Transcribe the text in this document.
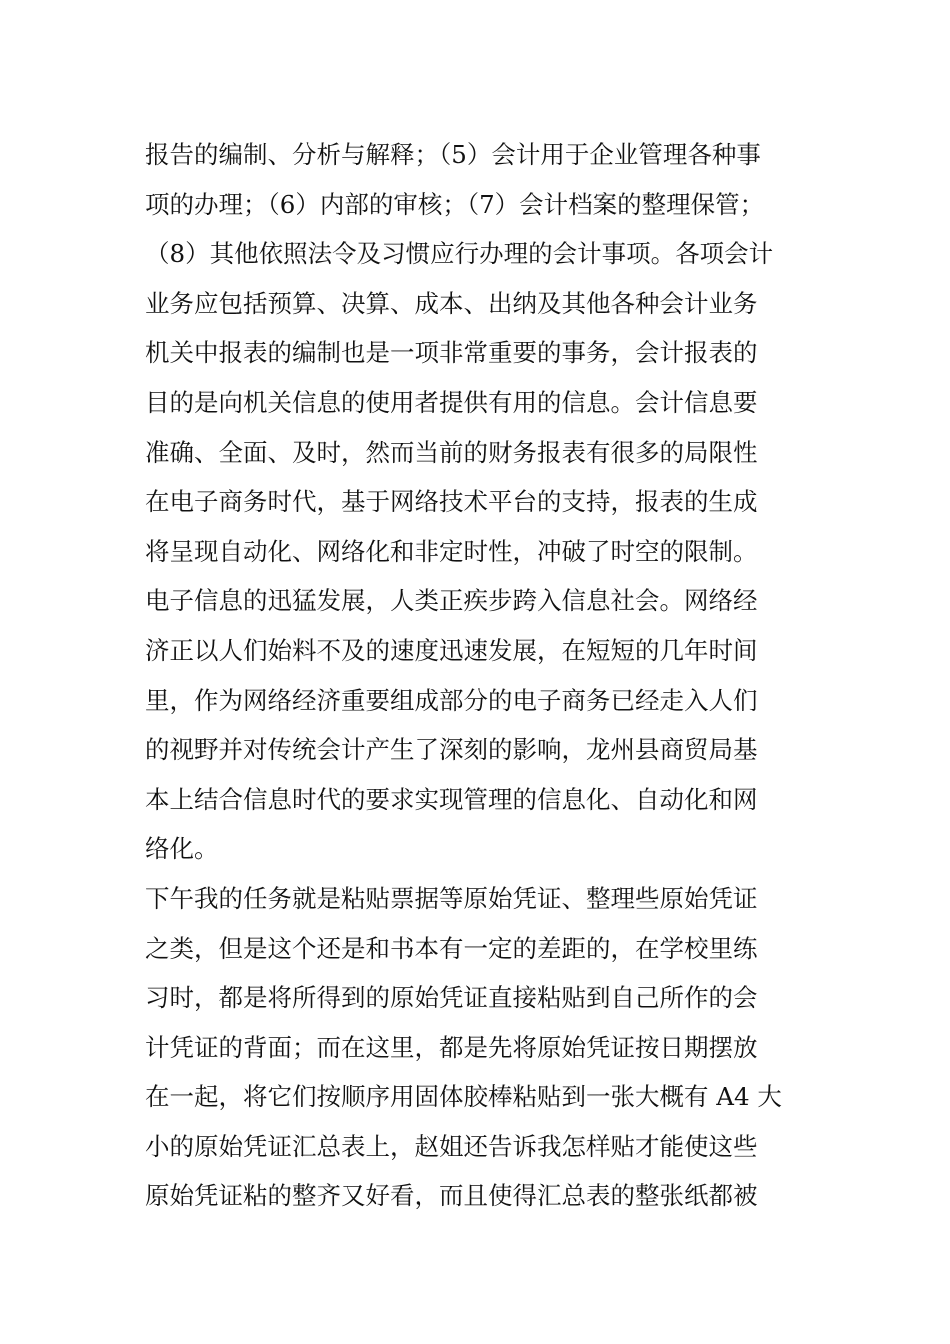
报告的编制、分析与解释；（5）会计用于企业管理各种事
项的办理；（6）内部的审核；（7）会计档案的整理保管；
（8）其他依照法令及习惯应行办理的会计事项。各项会计
业务应包括预算、决算、成本、出纳及其他各种会计业务
机关中报表的编制也是一项非常重要的事务，会计报表的
目的是向机关信息的使用者提供有用的信息。会计信息要
准确、全面、及时，然而当前的财务报表有很多的局限性
在电子商务时代，基于网络技术平台的支持，报表的生成
将呈现自动化、网络化和非定时性，冲破了时空的限制。
电子信息的迅猛发展，人类正疾步跨入信息社会。网络经
济正以人们始料不及的速度迅速发展，在短短的几年时间
里，作为网络经济重要组成部分的电子商务已经走入人们
的视野并对传统会计产生了深刻的影响，龙州县商贸局基
本上结合信息时代的要求实现管理的信息化、自动化和网
络化。
下午我的任务就是粘贴票据等原始凭证、整理些原始凭证
之类，但是这个还是和书本有一定的差距的，在学校里练
习时，都是将所得到的原始凭证直接粘贴到自己所作的会
计凭证的背面；而在这里，都是先将原始凭证按日期摆放
在一起，将它们按顺序用固体胶棒粘贴到一张大概有 A4 大
小的原始凭证汇总表上，赵姐还告诉我怎样贴才能使这些
原始凭证粘的整齐又好看，而且使得汇总表的整张纸都被
